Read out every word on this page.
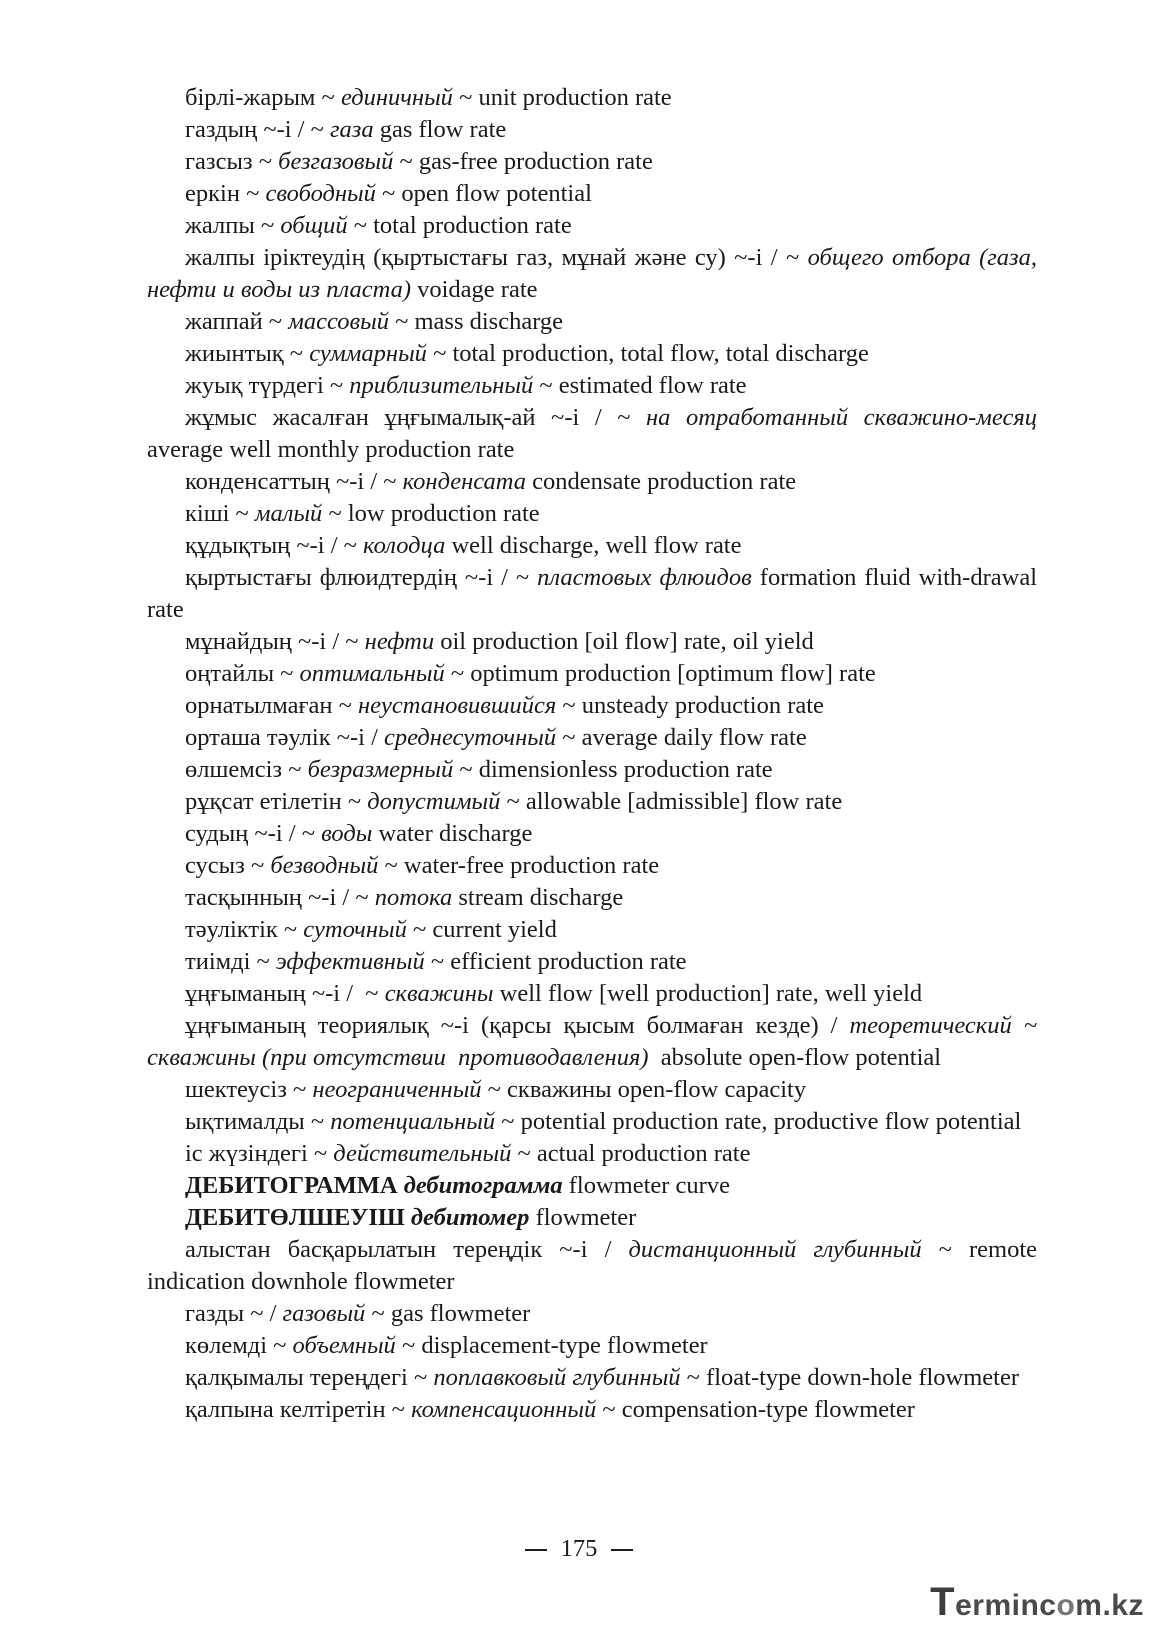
бірлі-жарым ~ единичный ~ unit production rate

газдың ~-і / ~ газа gas flow rate

газсыз ~ безгазовый ~ gas-free production rate

еркін ~ свободный ~ open flow potential

жалпы ~ общий ~ total production rate

жалпы іріктеудің (қыртыстағы газ, мұнай және су) ~-і / ~ общего отбора (газа, нефти и воды из пласта) voidage rate

жаппай ~ массовый ~ mass discharge

жиынтық ~ суммарный ~ total production, total flow, total discharge

жуық түрдегі ~ приблизительный ~ estimated flow rate

жұмыс жасалған ұңғымалық-ай ~-і / ~ на отработанный скважино-месяц average well monthly production rate

конденсаттың ~-і / ~ конденсата condensate production rate

кіші ~ малый ~ low production rate

құдықтың ~-і / ~ колодца well discharge, well flow rate

қыртыстағы флюидтердің ~-і / ~ пластовых флюидов formation fluid with-drawal rate

мұнайдың ~-і / ~ нефти oil production [oil flow] rate, oil yield

оңтайлы ~ оптимальный ~ optimum production [optimum flow] rate

орнатылмаған ~ неустановившийся ~ unsteady production rate

орташа тәулік ~-і / среднесуточный ~ average daily flow rate

өлшемсіз ~ безразмерный ~ dimensionless production rate

рұқсат етілетін ~ допустимый ~ allowable [admissible] flow rate

судың ~-і / ~ воды water discharge

сусыз ~ безводный ~ water-free production rate

тасқынның ~-і / ~ потока stream discharge

тәуліктік ~ суточный ~ current yield

тиімді ~ эффективный ~ efficient production rate

ұңғыманың ~-і /  ~ скважины well flow [well production] rate, well yield

ұңғыманың теориялық ~-і (қарсы қысым болмаған кезде) / теоретический ~ скважины (при отсутствии  противодавления)  absolute open-flow potential

шектеусіз ~ неограниченный ~ скважины open-flow capacity

ықтималды ~ потенциальный ~ potential production rate, productive flow potential

іс жүзіндегі ~ действительный ~ actual production rate

ДЕБИТОГРАММА дебитограмма flowmeter curve

ДЕБИТӨЛШЕУІШ дебитомер flowmeter

алыстан басқарылатын тереңдік ~-і / дистанционный глубинный ~ remote indication downhole flowmeter

газды ~ / газовый ~ gas flowmeter

көлемді ~ объемный ~ displacement-type flowmeter

қалқымалы тереңдегі ~ поплавковый глубинный ~ float-type down-hole flowmeter

қалпына келтіретін ~ компенсационный ~ compensation-type flowmeter

175
Termincom.kz
